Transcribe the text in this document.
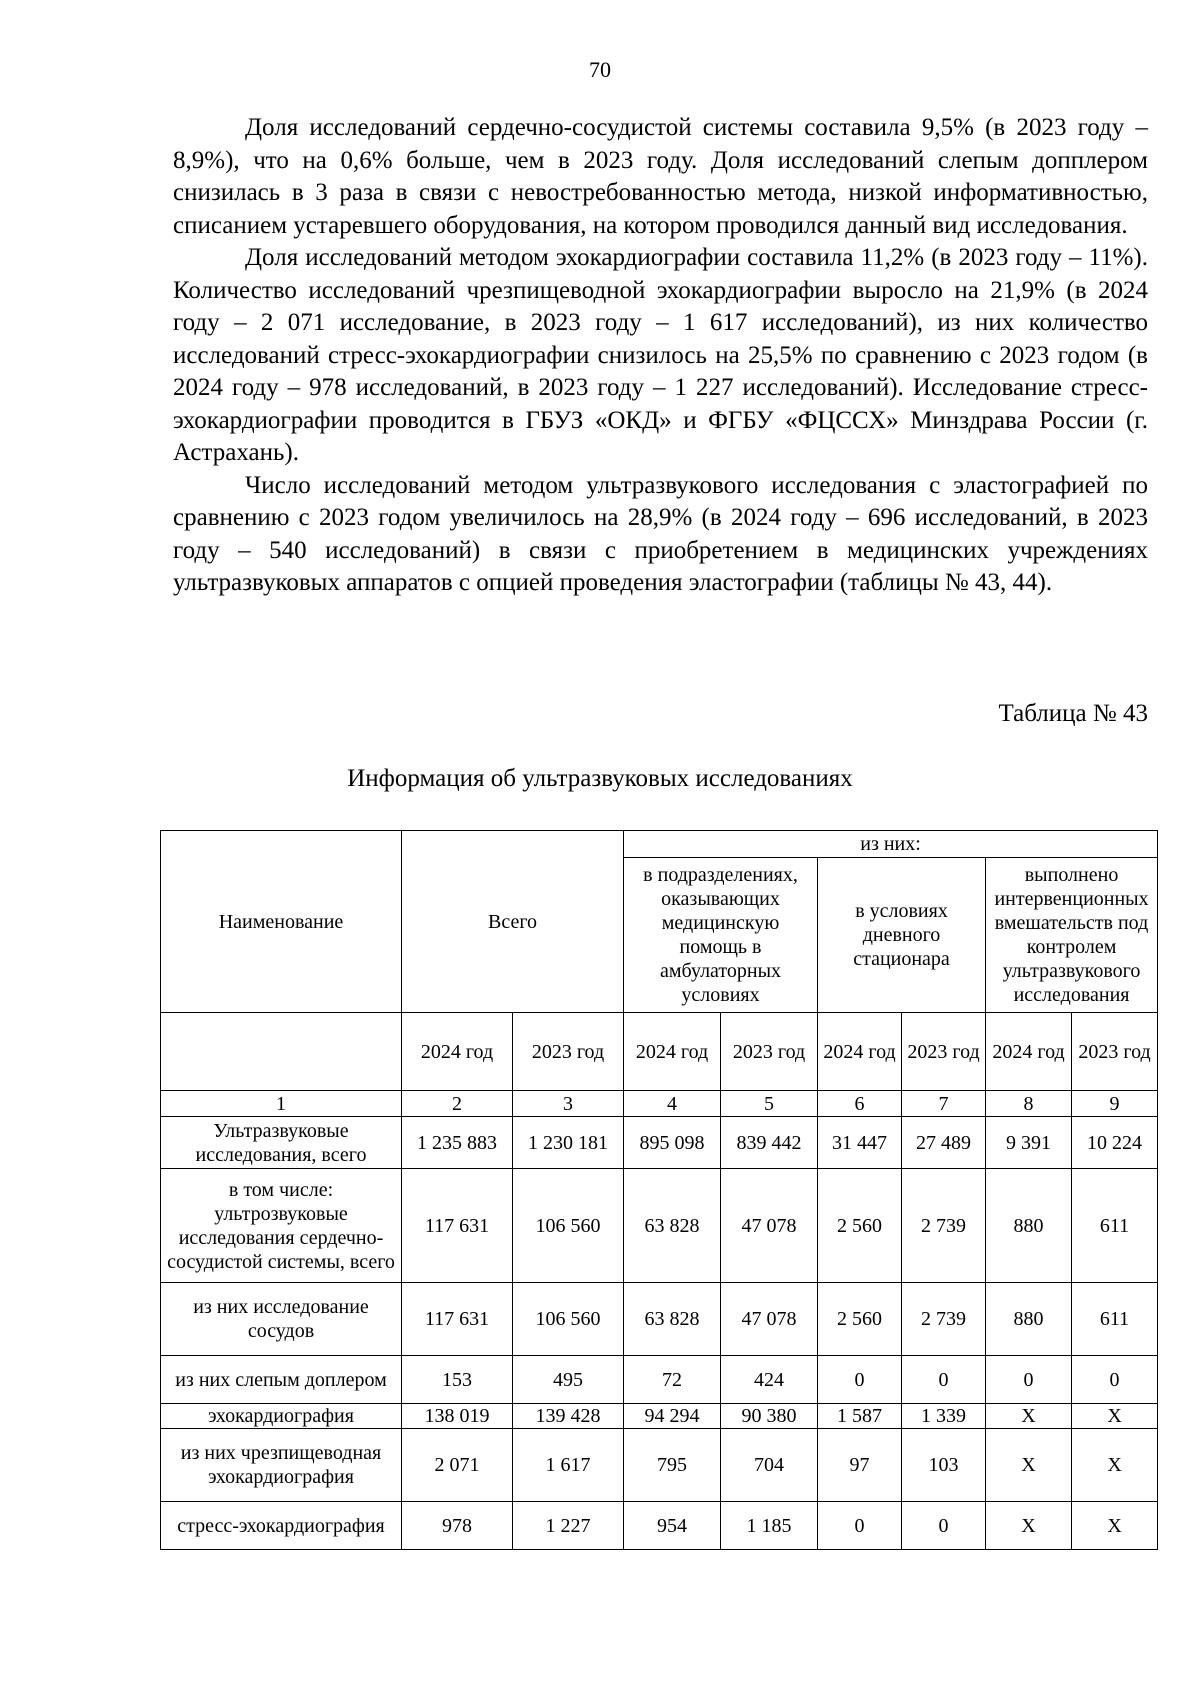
70

Доля исследований сердечно-сосудистой системы составила 9,5% (в 2023 году – 8,9%), что на 0,6% больше, чем в 2023 году. Доля исследований слепым допплером снизилась в 3 раза в связи с невостребованностью метода, низкой информативностью, списанием устаревшего оборудования, на котором проводился данный вид исследования.

Доля исследований методом эхокардиографии составила 11,2% (в 2023 году – 11%). Количество исследований чрезпищеводной эхокардиографии выросло на 21,9% (в 2024 году – 2 071 исследование, в 2023 году – 1 617 исследований), из них количество исследований стресс-эхокардиографии снизилось на 25,5% по сравнению с 2023 годом (в 2024 году – 978 исследований, в 2023 году – 1 227 исследований). Исследование стресс-эхокардиографии проводится в ГБУЗ «ОКД» и ФГБУ «ФЦССХ» Минздрава России (г. Астрахань).

Число исследований методом ультразвукового исследования с эластографией по сравнению с 2023 годом увеличилось на 28,9% (в 2024 году – 696 исследований, в 2023 году – 540 исследований) в связи с приобретением в медицинских учреждениях ультразвуковых аппаратов с опцией проведения эластографии (таблицы № 43, 44).

Таблица № 43
Информация об ультразвуковых исследованиях
Наименование	Всего		из них:					
			в подразделениях, оказывающих медицинскую помощь в амбулаторных условиях		в условиях дневного стационара		выполнено интервенционных вмешательств под контролем ультразвукового исследования	
	2024 год	2023 год	2024 год	2023 год	2024 год	2023 год	2024 год	2023 год
1	2	3	4	5	6	7	8	9
Ультразвуковые исследования, всего	1 235 883	1 230 181	895 098	839 442	31 447	27 489	9 391	10 224
в том числе: ультрозвуковые исследования сердечно-сосудистой системы, всего	117 631	106 560	63 828	47 078	2 560	2 739	880	611
из них исследование сосудов	117 631	106 560	63 828	47 078	2 560	2 739	880	611
из них слепым доплером	153	495	72	424	0	0	0	0
эхокардиография	138 019	139 428	94 294	90 380	1 587	1 339	Х	Х
из них чрезпищеводная эхокардиография	2 071	1 617	795	704	97	103	Х	Х
стресс-эхокардиография	978	1 227	954	1 185	0	0	Х	Х
